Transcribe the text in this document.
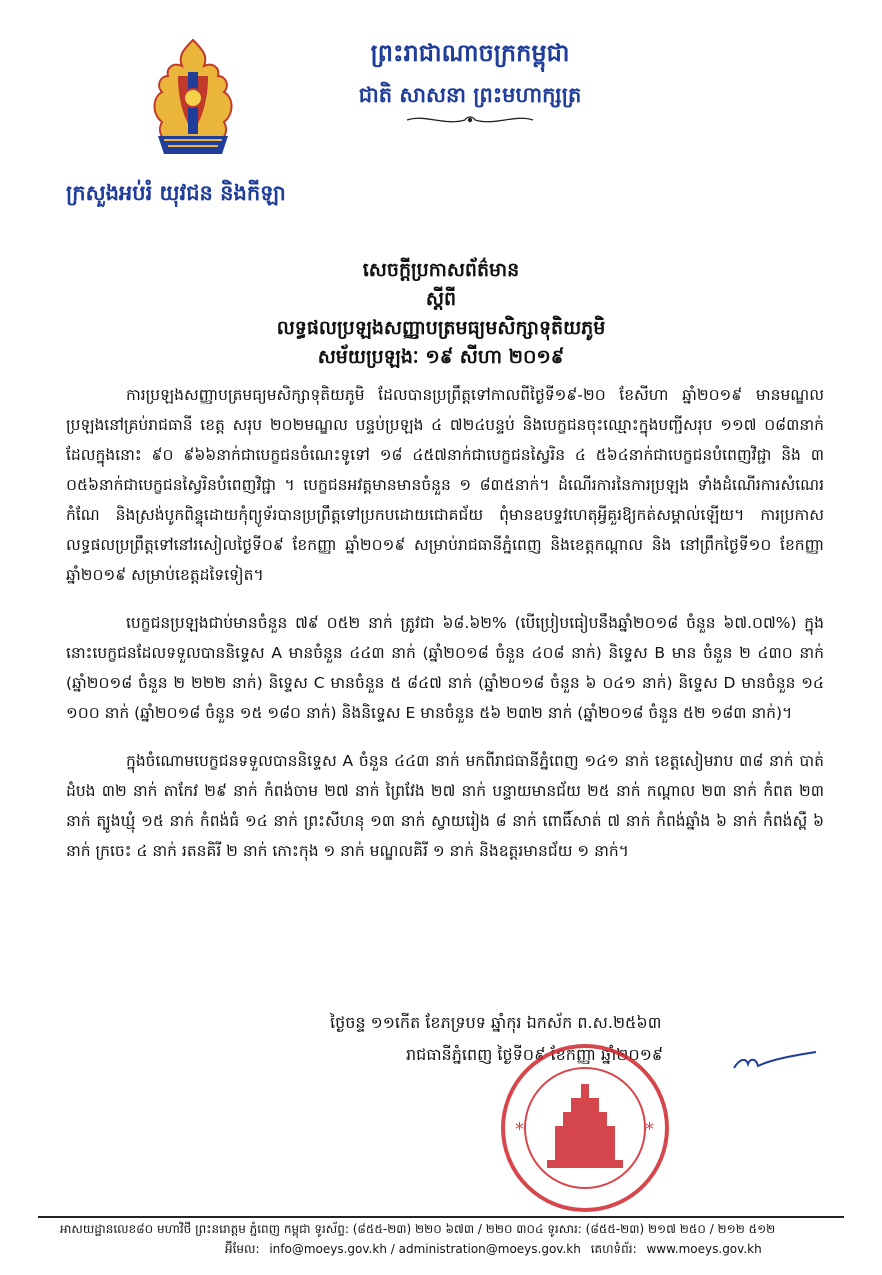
ព្រះរាជាណាចក្រកម្ពុជា
ជាតិ សាសនា ព្រះមហាក្សត្រ
ក្រសួងអប់រំ យុវជន និងកីឡា
សេចក្តីប្រកាសព័ត៌មាន
ស្តីពី
លទ្ធផលប្រឡងសញ្ញាបត្រមធ្យមសិក្សាទុតិយភូមិ
សម័យប្រឡងៈ ១៩ សីហា ២០១៩

ការប្រឡងសញ្ញាបត្រមធ្យមសិក្សាទុតិយភូមិ ដែលបានប្រព្រឹត្តទៅកាលពីថ្ងៃទី១៩-២០ ខែសីហា ឆ្នាំ២០១៩ មានមណ្ឌលប្រឡងនៅគ្រប់រាជធានី ខេត្ត សរុប ២០២មណ្ឌល បន្ទប់ប្រឡង ៤ ៧២៤បន្ទប់ និងបេក្ខជនចុះឈ្មោះក្នុងបញ្ជីសរុប ១១៧ ០៨៣នាក់ ដែលក្នុងនោះ ៩០ ៩៦៦នាក់ជាបេក្ខជនចំណេះទូទៅ ១៨ ៤៥៧នាក់ជាបេក្ខជនស្វៃរិន ៤ ៥៦៤នាក់ជាបេក្ខជនបំពេញវិជ្ជា និង ៣ ០៥៦នាក់ជាបេក្ខជនស្វៃរិនបំពេញវិជ្ជា ។ បេក្ខជនអវត្តមានមានចំនួន ១ ៨៣៥នាក់។ ដំណើរការនៃការប្រឡង ទាំងដំណើរការសំណេរ កំណែ និងស្រង់បូកពិន្ទុដោយកុំព្យូទ័របានប្រព្រឹត្តទៅប្រកបដោយជោគជ័យ ពុំមានឧបទ្ទវហេតុអ្វីគួរឱ្យកត់សម្គាល់ឡើយ។ ការប្រកាសលទ្ធផលប្រព្រឹត្តទៅនៅរសៀលថ្ងៃទី០៩ ខែកញ្ញា ឆ្នាំ២០១៩ សម្រាប់រាជធានីភ្នំពេញ និងខេត្តកណ្តាល និង នៅព្រឹកថ្ងៃទី១០ ខែកញ្ញា ឆ្នាំ២០១៩ សម្រាប់ខេត្តដទៃទៀត។

បេក្ខជនប្រឡងជាប់មានចំនួន ៧៩ ០៥២ នាក់ ត្រូវជា ៦៨.៦២% (បើប្រៀបធៀបនឹងឆ្នាំ២០១៨ ចំនួន ៦៧.០៧%) ក្នុងនោះបេក្ខជនដែលទទួលបាននិទ្ទេស A មានចំនួន ៤៤៣ នាក់ (ឆ្នាំ២០១៨ ចំនួន ៤០៨ នាក់) និទ្ទេស B មាន ចំនួន ២ ៤៣០ នាក់ (ឆ្នាំ២០១៨ ចំនួន ២ ២២២ នាក់) និទ្ទេស C មានចំនួន ៥ ៨៤៧ នាក់ (ឆ្នាំ២០១៨ ចំនួន ៦ ០៤១ នាក់) និទ្ទេស D មានចំនួន ១៤ ១០០ នាក់ (ឆ្នាំ២០១៨ ចំនួន ១៥ ១៨០ នាក់) និងនិទ្ទេស E មានចំនួន ៥៦ ២៣២ នាក់ (ឆ្នាំ២០១៨ ចំនួន ៥២ ១៨៣ នាក់)។

ក្នុងចំណោមបេក្ខជនទទួលបាននិទ្ទេស A ចំនួន ៤៤៣ នាក់ មកពីរាជធានីភ្នំពេញ ១៤១ នាក់ ខេត្តសៀមរាប ៣៨ នាក់ បាត់ដំបង ៣២ នាក់ តាកែវ ២៩ នាក់ កំពង់ចាម ២៧ នាក់ ព្រៃវែង ២៧ នាក់ បន្ទាយមានជ័យ ២៥ នាក់ កណ្តាល ២៣ នាក់ កំពត ២៣ នាក់ ត្បូងឃ្មុំ ១៥ នាក់ កំពង់ធំ ១៤ នាក់ ព្រះសីហនុ ១៣ នាក់ ស្វាយរៀង ៨ នាក់ ពោធិ៍សាត់ ៧ នាក់ កំពង់ឆ្នាំង ៦ នាក់ កំពង់ស្ពឺ ៦ នាក់ ក្រចេះ ៤ នាក់ រតនគិរី ២ នាក់ កោះកុង ១ នាក់ មណ្ឌលគិរី ១ នាក់ និងឧត្តរមានជ័យ ១ នាក់។

ថ្ងៃចន្ទ ១១កើត ខែភទ្របទ ឆ្នាំកុរ ឯកស័ក ព.ស.២៥៦៣
រាជធានីភ្នំពេញ ថ្ងៃទី០៩ ខែកញ្ញា ឆ្នាំ២០១៩
*	*
អាសយដ្ឋានលេខ៨០ មហាវិថី ព្រះនរោត្តម ភ្នំពេញ កម្ពុជា ទូរស័ព្ទ: (៨៥៥-២៣) ២២០ ៦៧៣ / ២២០ ៣០៤ ទូរសារ: (៨៥៥-២៣) ២១៧ ២៥០ / ២១២ ៥១២
អ៊ីមែល: info@moeys.gov.kh / administration@moeys.gov.kh គេហទំព័រ: www.moeys.gov.kh
